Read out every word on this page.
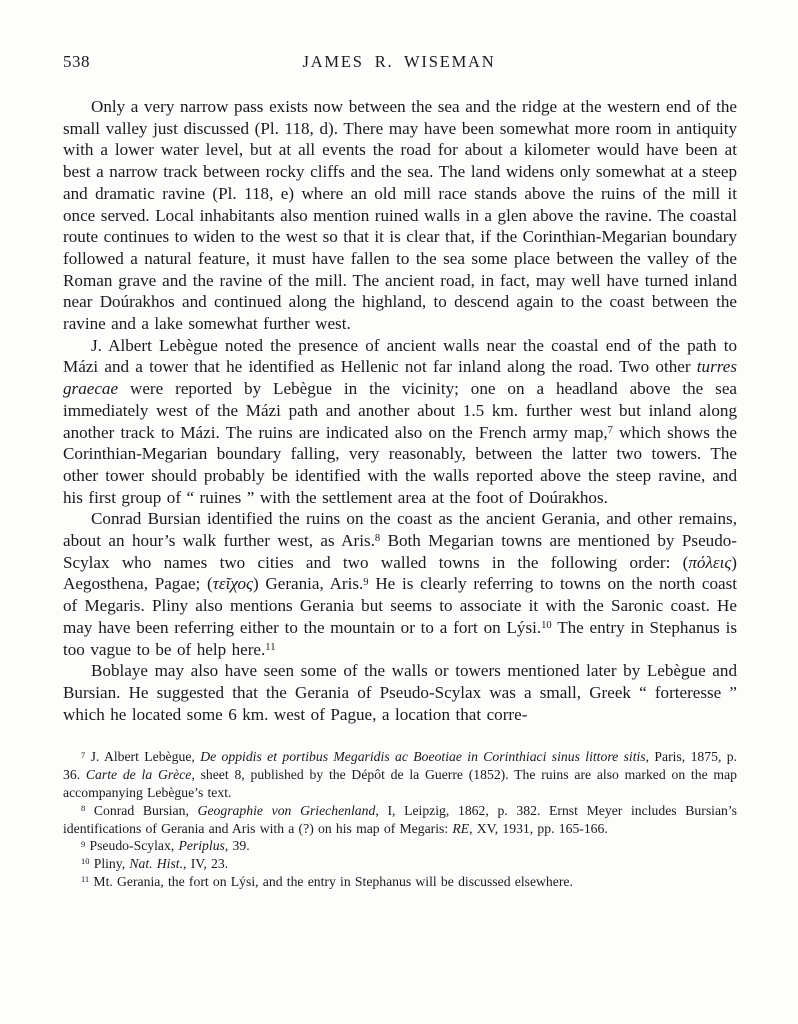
538	JAMES R. WISEMAN

Only a very narrow pass exists now between the sea and the ridge at the western end of the small valley just discussed (Pl. 118, d). There may have been somewhat more room in antiquity with a lower water level, but at all events the road for about a kilometer would have been at best a narrow track between rocky cliffs and the sea. The land widens only somewhat at a steep and dramatic ravine (Pl. 118, e) where an old mill race stands above the ruins of the mill it once served. Local inhabitants also mention ruined walls in a glen above the ravine. The coastal route continues to widen to the west so that it is clear that, if the Corinthian-Megarian boundary followed a natural feature, it must have fallen to the sea some place between the valley of the Roman grave and the ravine of the mill. The ancient road, in fact, may well have turned inland near Doúrakhos and continued along the highland, to descend again to the coast between the ravine and a lake somewhat further west.

J. Albert Lebègue noted the presence of ancient walls near the coastal end of the path to Mázi and a tower that he identified as Hellenic not far inland along the road. Two other turres graecae were reported by Lebègue in the vicinity; one on a headland above the sea immediately west of the Mázi path and another about 1.5 km. further west but inland along another track to Mázi. The ruins are indicated also on the French army map,$^7$ which shows the Corinthian-Megarian boundary falling, very reasonably, between the latter two towers. The other tower should probably be identified with the walls reported above the steep ravine, and his first group of “ ruines ” with the settlement area at the foot of Doúrakhos.

Conrad Bursian identified the ruins on the coast as the ancient Gerania, and other remains, about an hour’s walk further west, as Aris.$^8$ Both Megarian towns are mentioned by Pseudo-Scylax who names two cities and two walled towns in the following order: (πόλεις) Aegosthena, Pagae; (τεῖχος) Gerania, Aris.$^9$ He is clearly referring to towns on the north coast of Megaris. Pliny also mentions Gerania but seems to associate it with the Saronic coast. He may have been referring either to the mountain or to a fort on Lýsi.$^{10}$ The entry in Stephanus is too vague to be of help here.$^{11}$

Boblaye may also have seen some of the walls or towers mentioned later by Lebègue and Bursian. He suggested that the Gerania of Pseudo-Scylax was a small, Greek “ forteresse ” which he located some 6 km. west of Pague, a location that corre-

$^7$ J. Albert Lebègue, De oppidis et portibus Megaridis ac Boeotiae in Corinthiaci sinus littore sitis, Paris, 1875, p. 36. Carte de la Grèce, sheet 8, published by the Dépôt de la Guerre (1852). The ruins are also marked on the map accompanying Lebègue’s text.

$^8$ Conrad Bursian, Geographie von Griechenland, I, Leipzig, 1862, p. 382. Ernst Meyer includes Bursian’s identifications of Gerania and Aris with a (?) on his map of Megaris: RE, XV, 1931, pp. 165-166.

$^9$ Pseudo-Scylax, Periplus, 39.

$^{10}$ Pliny, Nat. Hist., IV, 23.

$^{11}$ Mt. Gerania, the fort on Lýsi, and the entry in Stephanus will be discussed elsewhere.
